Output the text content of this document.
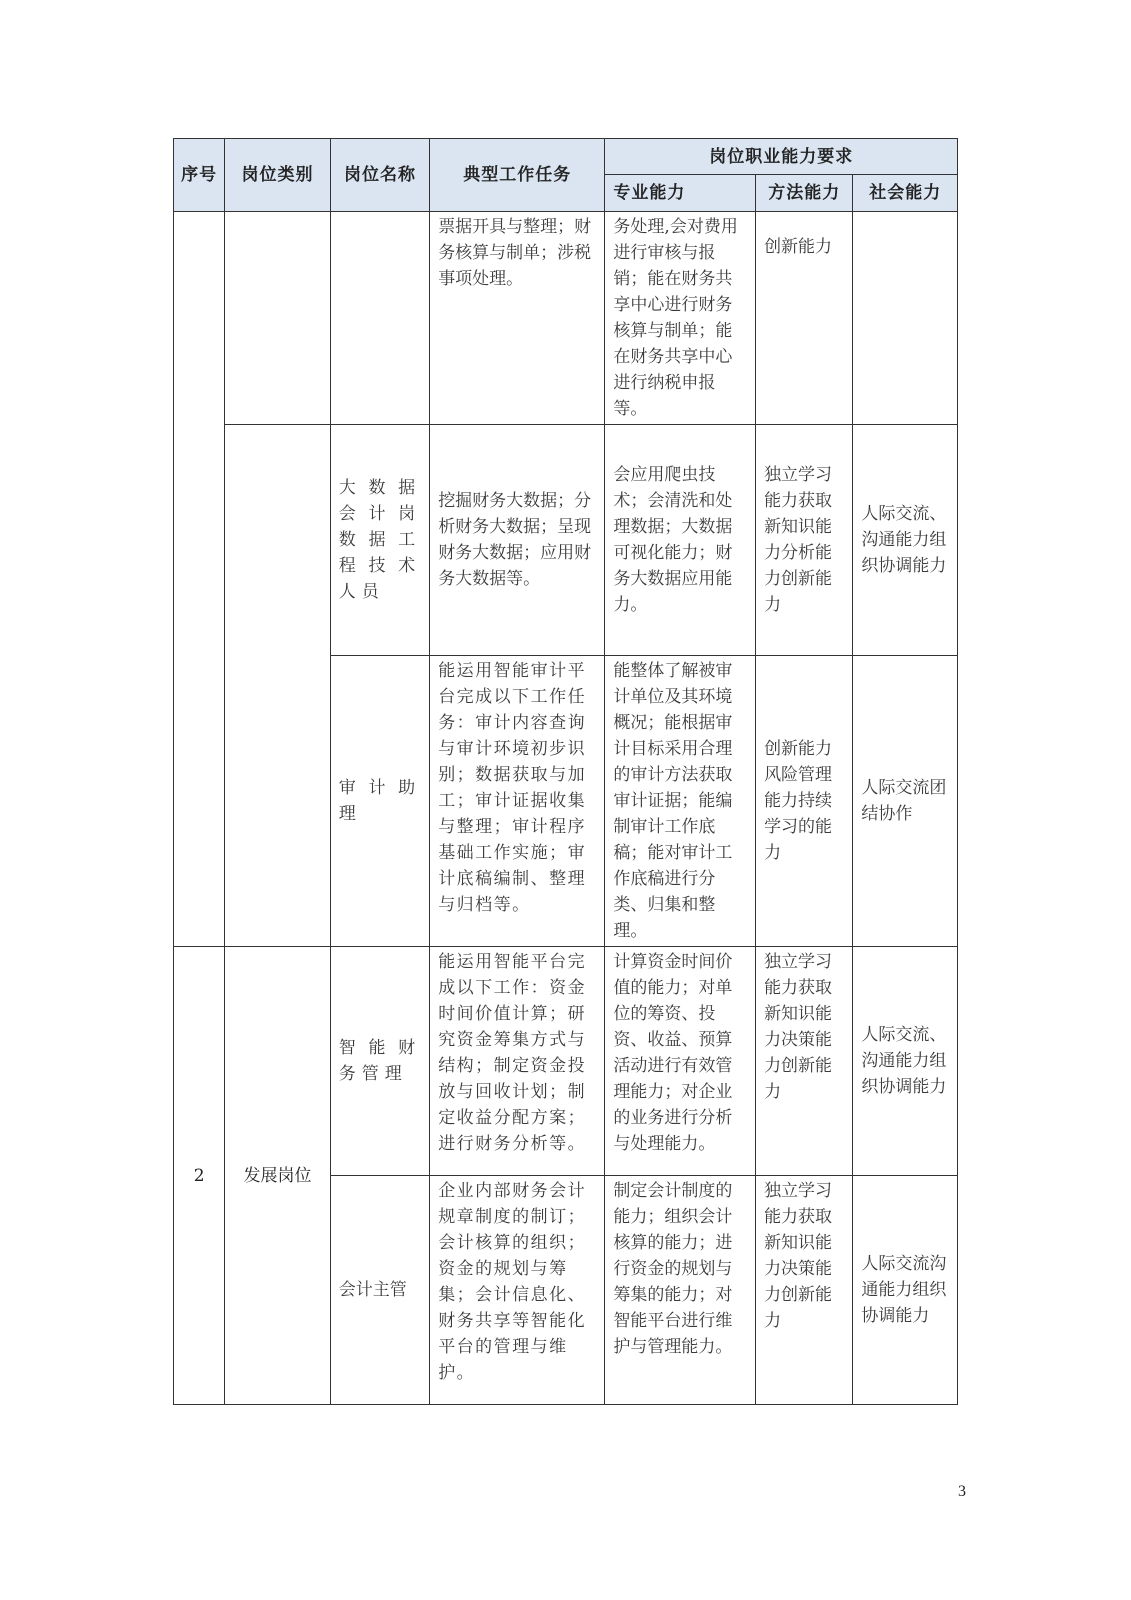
序号	岗位类别	岗位名称	典型工作任务	岗位职业能力要求		
				专业能力	方法能力	社会能力
			票据开具与整理；财务核算与制单；涉税事项处理。	务处理,会对费用进行审核与报销；能在财务共享中心进行财务核算与制单；能在财务共享中心进行纳税申报等。	创新能力	
		大数据会计岗数据工程技术人员	挖掘财务大数据；分析财务大数据；呈现财务大数据；应用财务大数据等。	会应用爬虫技术；会清洗和处理数据；大数据可视化能力；财务大数据应用能力。	独立学习能力获取新知识能力分析能力创新能力	人际交流、沟通能力组织协调能力
		审计助理	能运用智能审计平台完成以下工作任务：审计内容查询与审计环境初步识别；数据获取与加工；审计证据收集与整理；审计程序基础工作实施；审计底稿编制、整理与归档等。	能整体了解被审计单位及其环境概况；能根据审计目标采用合理的审计方法获取审计证据；能编制审计工作底稿；能对审计工作底稿进行分类、归集和整理。	创新能力风险管理能力持续学习的能力	人际交流团结协作
2	发展岗位	智能财务管理	能运用智能平台完成以下工作：资金时间价值计算；研究资金筹集方式与结构；制定资金投放与回收计划；制定收益分配方案；进行财务分析等。	计算资金时间价值的能力；对单位的筹资、投资、收益、预算活动进行有效管理能力；对企业的业务进行分析与处理能力。	独立学习能力获取新知识能力决策能力创新能力	人际交流、沟通能力组织协调能力
		会计主管	企业内部财务会计规章制度的制订；会计核算的组织；资金的规划与筹集；会计信息化、财务共享等智能化平台的管理与维护。	制定会计制度的能力；组织会计核算的能力；进行资金的规划与筹集的能力；对智能平台进行维护与管理能力。	独立学习能力获取新知识能力决策能力创新能力	人际交流沟通能力组织协调能力
3
